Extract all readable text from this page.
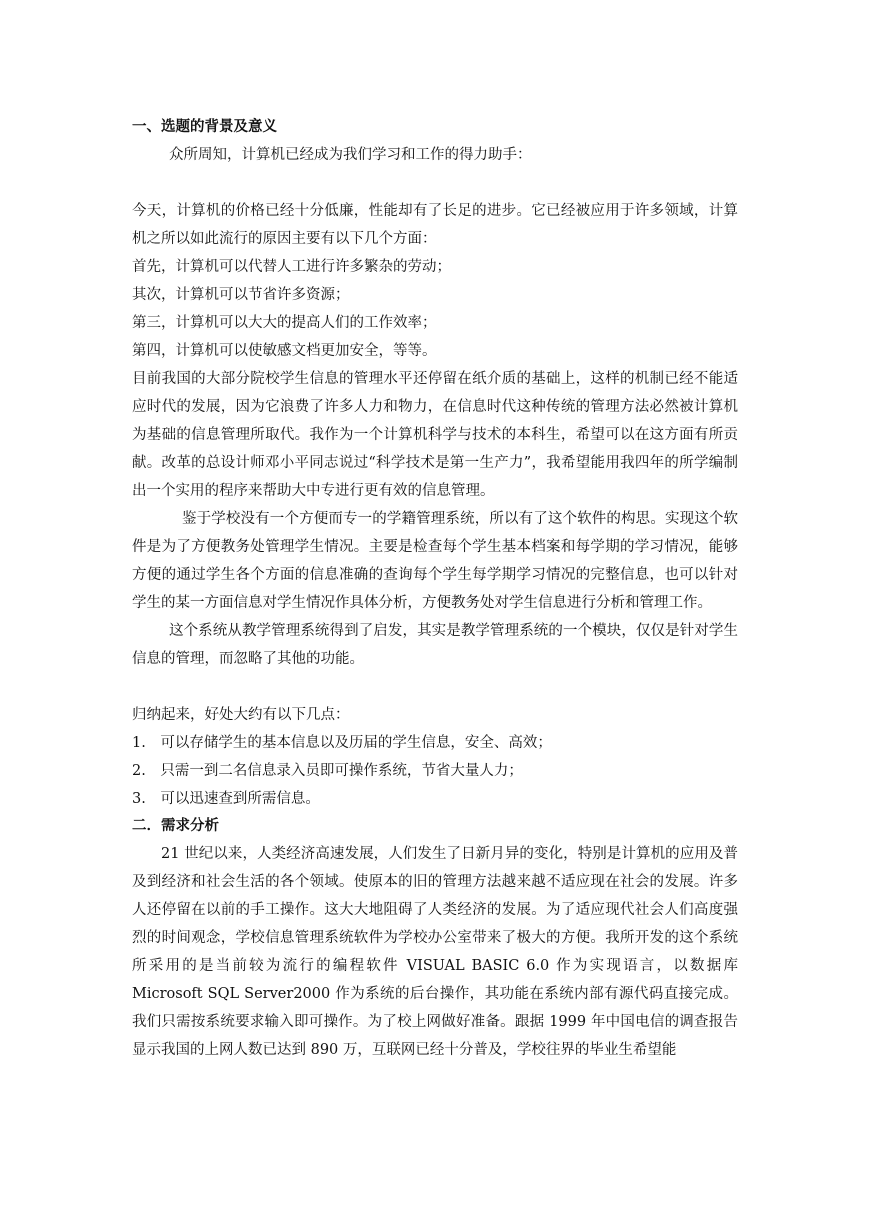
一、选题的背景及意义

众所周知，计算机已经成为我们学习和工作的得力助手：

今天，计算机的价格已经十分低廉，性能却有了长足的进步。它已经被应用于许多领域，计算机之所以如此流行的原因主要有以下几个方面：

首先，计算机可以代替人工进行许多繁杂的劳动；

其次，计算机可以节省许多资源；

第三，计算机可以大大的提高人们的工作效率；

第四，计算机可以使敏感文档更加安全，等等。

目前我国的大部分院校学生信息的管理水平还停留在纸介质的基础上，这样的机制已经不能适应时代的发展，因为它浪费了许多人力和物力，在信息时代这种传统的管理方法必然被计算机为基础的信息管理所取代。我作为一个计算机科学与技术的本科生，希望可以在这方面有所贡献。改革的总设计师邓小平同志说过“科学技术是第一生产力”，我希望能用我四年的所学编制出一个实用的程序来帮助大中专进行更有效的信息管理。

鉴于学校没有一个方便而专一的学籍管理系统，所以有了这个软件的构思。实现这个软件是为了方便教务处管理学生情况。主要是检查每个学生基本档案和每学期的学习情况，能够方便的通过学生各个方面的信息准确的查询每个学生每学期学习情况的完整信息，也可以针对学生的某一方面信息对学生情况作具体分析，方便教务处对学生信息进行分析和管理工作。

这个系统从教学管理系统得到了启发，其实是教学管理系统的一个模块，仅仅是针对学生信息的管理，而忽略了其他的功能。

归纳起来，好处大约有以下几点：

1.　可以存储学生的基本信息以及历届的学生信息，安全、高效；

2.　只需一到二名信息录入员即可操作系统，节省大量人力；

3.　可以迅速查到所需信息。

二．需求分析

21 世纪以来，人类经济高速发展，人们发生了日新月异的变化，特别是计算机的应用及普及到经济和社会生活的各个领域。使原本的旧的管理方法越来越不适应现在社会的发展。许多人还停留在以前的手工操作。这大大地阻碍了人类经济的发展。为了适应现代社会人们高度强烈的时间观念，学校信息管理系统软件为学校办公室带来了极大的方便。我所开发的这个系统所采用的是当前较为流行的编程软件 VISUAL BASIC 6.0 作为实现语言，以数据库 Microsoft SQL Server2000 作为系统的后台操作，其功能在系统内部有源代码直接完成。我们只需按系统要求输入即可操作。为了校上网做好准备。跟据 1999 年中国电信的调查报告显示我国的上网人数已达到 890 万，互联网已经十分普及，学校往界的毕业生希望能
